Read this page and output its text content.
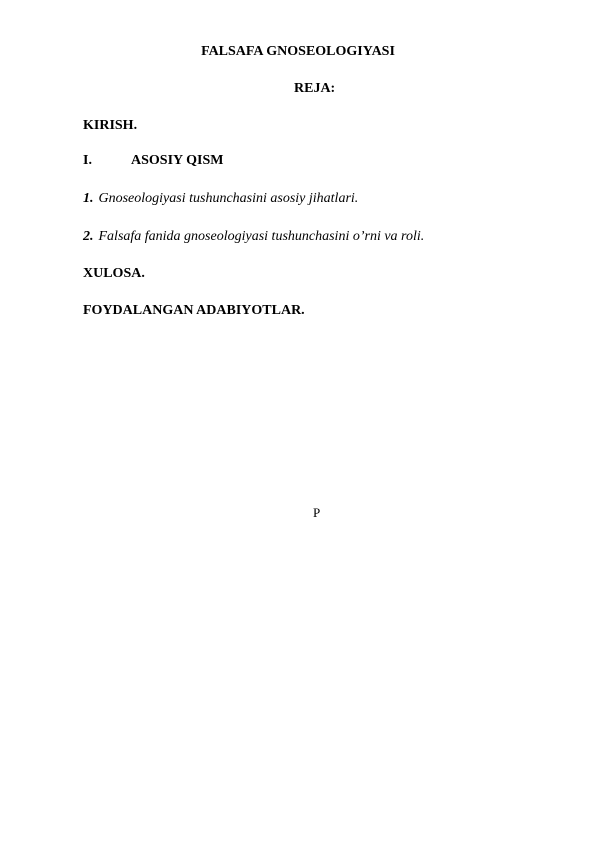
FALSAFA GNOSEOLOGIYASI
REJA:
KIRISH.
I.	ASOSIY QISM
1. Gnoseologiyasi tushunchasini asosiy jihatlari.
2. Falsafa fanida gnoseologiyasi tushunchasini o’rni va roli.
XULOSA.
FOYDALANGAN ADABIYOTLAR.
P
